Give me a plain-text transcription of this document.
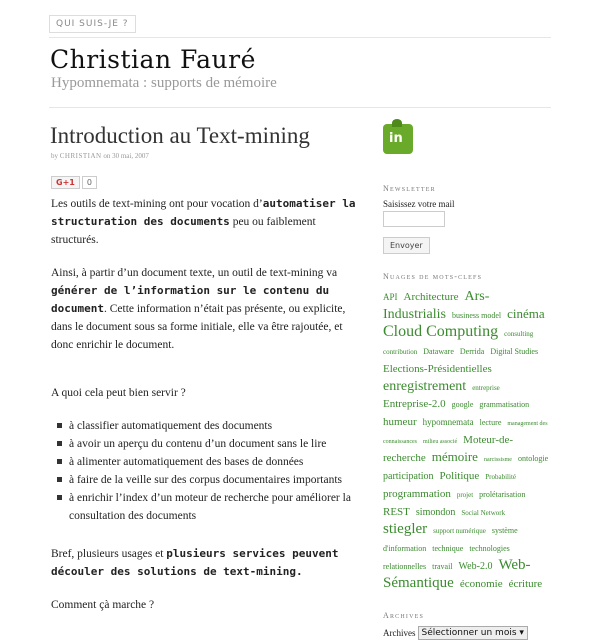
QUI SUIS-JE ?
Christian Fauré
Hypomnemata : supports de mémoire
Introduction au Text-mining
by CHRISTIAN on 30 mai, 2007
G+1	0

Les outils de text-mining ont pour vocation d’automatiser la structuration des documents peu ou faiblement structurés.

Ainsi, à partir d’un document texte, un outil de text-mining va générer de l’information sur le contenu du document. Cette information n’était pas présente, ou explicite, dans le document sous sa forme initiale, elle va être rajoutée, et donc enrichir le document.

A quoi cela peut bien servir ?

à classifier automatiquement des documents
à avoir un aperçu du contenu d’un document sans le lire
à alimenter automatiquement des bases de données
à faire de la veille sur des corpus documentaires importants
à enrichir l’index d’un moteur de recherche pour améliorer la consultation des documents

Bref, plusieurs usages et plusieurs services peuvent découler des solutions de text-mining.

Comment çà marche ?

in
Newsletter
Saisissez votre mail
Envoyer
Nuages de mots-clefs
API Architecture Ars-Industrialis business model cinéma Cloud Computing consulting contribution Dataware Derrida Digital Studies Elections-Présidentielles enregistrement entreprise Entreprise-2.0 google grammatisation humeur hypomnemata lecture management des connaissances milieu associé Moteur-de-recherche mémoire narcissisme ontologie participation Politique Probabilité programmation projet prolétarisation REST simondon Social Network stiegler support numérique système d'information technique technologies relationnelles travail Web-2.0 Web-Sémantique économie écriture
Archives
Archives Sélectionner un mois ▾
